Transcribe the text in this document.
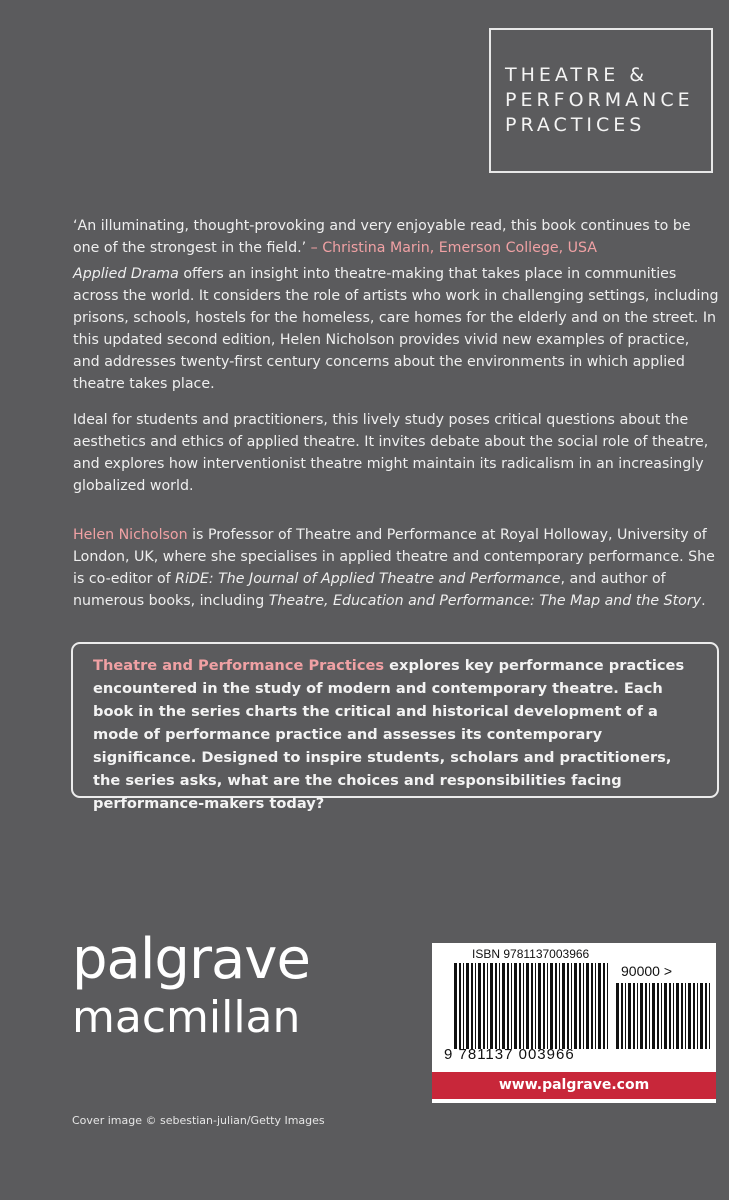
THEATRE &
PERFORMANCE
PRACTICES
‘An illuminating, thought-provoking and very enjoyable read, this book continues to be one of the strongest in the field.’ – Christina Marin, Emerson College, USA
Applied Drama offers an insight into theatre-making that takes place in communities across the world. It considers the role of artists who work in challenging settings, including prisons, schools, hostels for the homeless, care homes for the elderly and on the street. In this updated second edition, Helen Nicholson provides vivid new examples of practice, and addresses twenty-first century concerns about the environments in which applied theatre takes place.
Ideal for students and practitioners, this lively study poses critical questions about the aesthetics and ethics of applied theatre. It invites debate about the social role of theatre, and explores how interventionist theatre might maintain its radicalism in an increasingly globalized world.
Helen Nicholson is Professor of Theatre and Performance at Royal Holloway, University of London, UK, where she specialises in applied theatre and contemporary performance. She is co-editor of RiDE: The Journal of Applied Theatre and Performance, and author of numerous books, including Theatre, Education and Performance: The Map and the Story.
Theatre and Performance Practices explores key performance practices encountered in the study of modern and contemporary theatre. Each book in the series charts the critical and historical development of a mode of performance practice and assesses its contemporary significance. Designed to inspire students, scholars and practitioners, the series asks, what are the choices and responsibilities facing performance-makers today?
palgrave
macmillan
Cover image © sebestian-julian/Getty Images
ISBN 9781137003966
90000 >
9 781137 003966
www.palgrave.com
